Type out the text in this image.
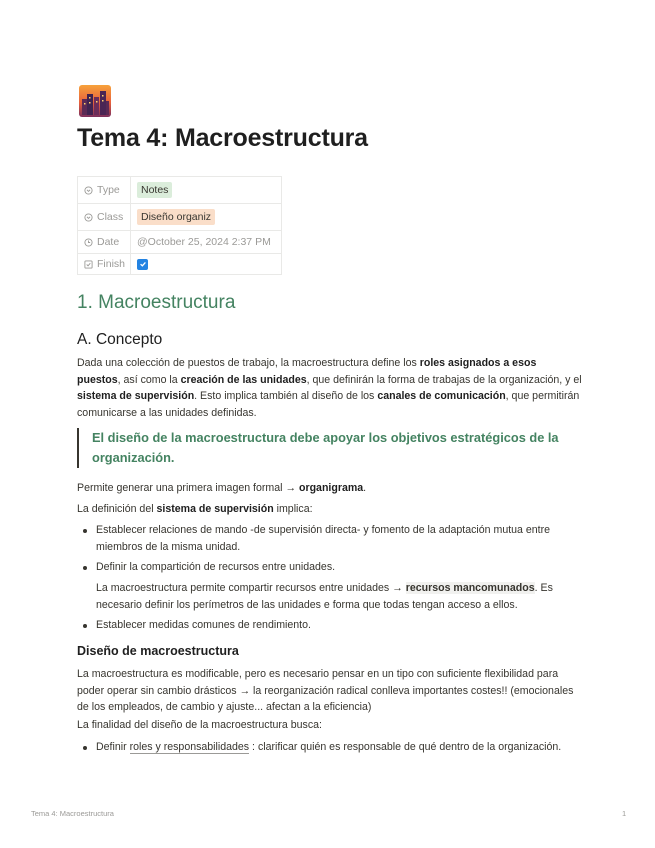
Tema 4: Macroestructura
Type	Notes
Class	Diseño organiz
Date @October 25, 2024 2:37 PM
Finish
1. Macroestructura
A. Concepto

Dada una colección de puestos de trabajo, la macroestructura define los roles asignados a esos puestos, así como la creación de las unidades, que definirán la forma de trabajas de la organización, y el sistema de supervisión. Esto implica también al diseño de los canales de comunicación, que permitirán comunicarse a las unidades definidas.

El diseño de la macroestructura debe apoyar los objetivos estratégicos de la organización.

Permite generar una primera imagen formal → organigrama.

La definición del sistema de supervisión implica:

Establecer relaciones de mando -de supervisión directa- y fomento de la adaptación mutua entre miembros de la misma unidad.
Definir la compartición de recursos entre unidades.

La macroestructura permite compartir recursos entre unidades → recursos mancomunados. Es necesario definir los perímetros de las unidades e forma que todas tengan acceso a ellos.

Establecer medidas comunes de rendimiento.
Diseño de macroestructura

La macroestructura es modificable, pero es necesario pensar en un tipo con suficiente flexibilidad para poder operar sin cambio drásticos → la reorganización radical conlleva importantes costes!! (emocionales de los empleados, de cambio y ajuste... afectan a la eficiencia)

La finalidad del diseño de la macroestructura busca:

Definir roles y responsabilidades : clarificar quién es responsable de qué dentro de la organización.
Tema 4: Macroestructura	1
